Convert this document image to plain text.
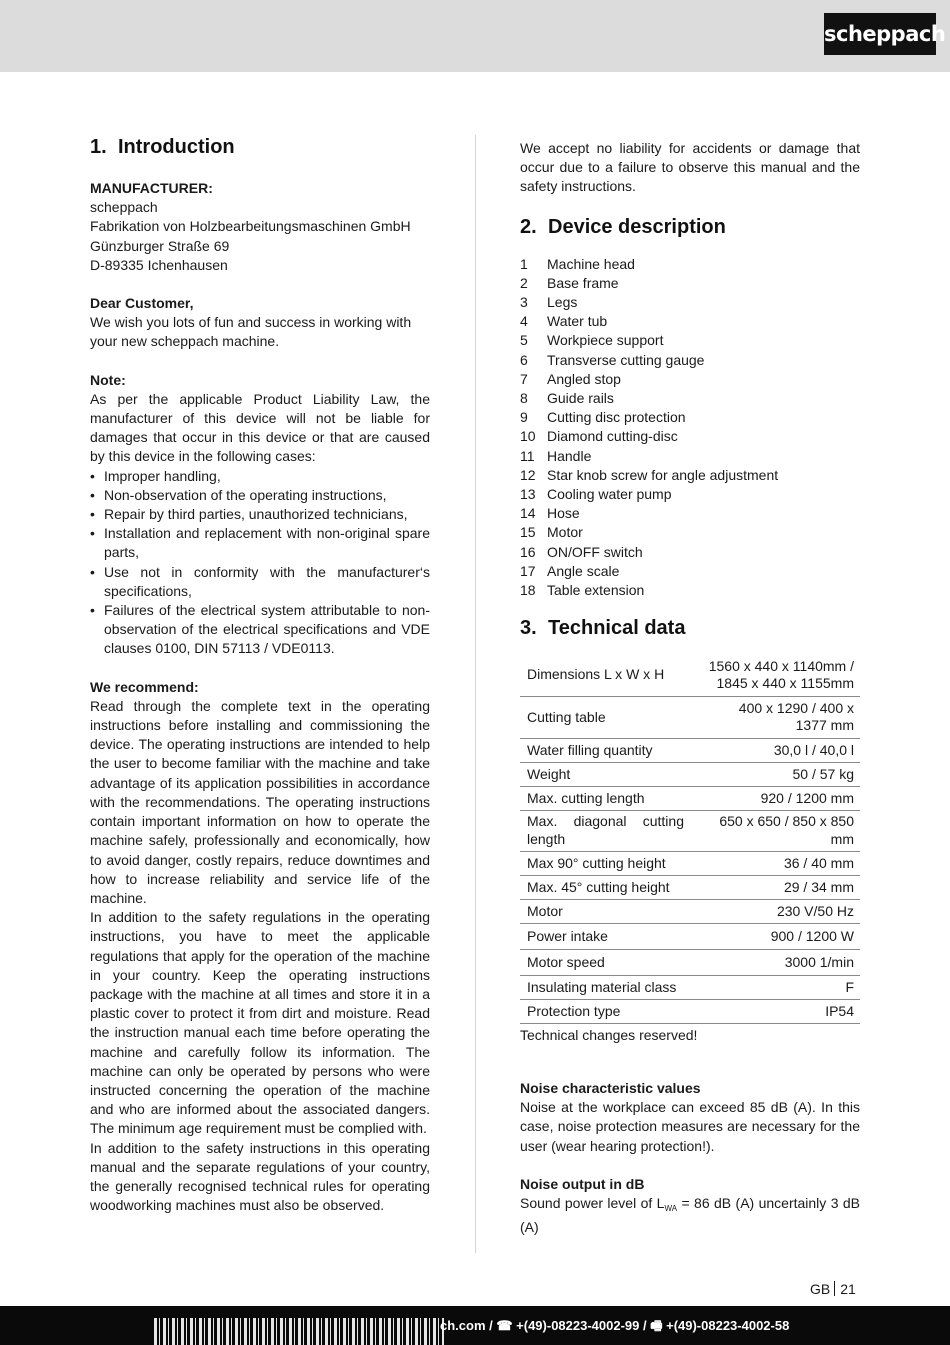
scheppach
1. Introduction
MANUFACTURER:
scheppach
Fabrikation von Holzbearbeitungsmaschinen GmbH
Günzburger Straße 69
D-89335 Ichenhausen
Dear Customer,
We wish you lots of fun and success in working with your new scheppach machine.
Note:
As per the applicable Product Liability Law, the manufacturer of this device will not be liable for damages that occur in this device or that are caused by this device in the following cases:
• Improper handling,
• Non-observation of the operating instructions,
• Repair by third parties, unauthorized technicians,
• Installation and replacement with non-original spare parts,
• Use not in conformity with the manufacturer‘s specifications,
• Failures of the electrical system attributable to non-observation of the electrical specifications and VDE clauses 0100, DIN 57113 / VDE0113.
We recommend:
Read through the complete text in the operating instructions before installing and commissioning the device. The operating instructions are intended to help the user to become familiar with the machine and take advantage of its application possibilities in accordance with the recommendations. The operating instructions contain important information on how to operate the machine safely, professionally and economically, how to avoid danger, costly repairs, reduce downtimes and how to increase reliability and service life of the machine.
In addition to the safety regulations in the operating instructions, you have to meet the applicable regulations that apply for the operation of the machine in your country. Keep the operating instructions package with the machine at all times and store it in a plastic cover to protect it from dirt and moisture. Read the instruction manual each time before operating the machine and carefully follow its information. The machine can only be operated by persons who were instructed concerning the operation of the machine and who are informed about the associated dangers. The minimum age requirement must be complied with.
In addition to the safety instructions in this operating manual and the separate regulations of your country, the generally recognised technical rules for operating woodworking machines must also be observed.
We accept no liability for accidents or damage that occur due to a failure to observe this manual and the safety instructions.
2. Device description
1	Machine head
2	Base frame
3	Legs
4	Water tub
5	Workpiece support
6	Transverse cutting gauge
7	Angled stop
8	Guide rails
9	Cutting disc protection
10 Diamond cutting-disc
11 Handle
12 Star knob screw for angle adjustment
13 Cooling water pump
14 Hose
15 Motor
16 ON/OFF switch
17 Angle scale
18 Table extension
3. Technical data
Dimensions L x W x H	1560 x 440 x 1140mm / 1845 x 440 x 1155mm
Cutting table	400 x 1290 / 400 x 1377 mm
Water filling quantity	30,0 l / 40,0 l
Weight	50 / 57 kg
Max. cutting length	920 / 1200 mm
Max. diagonal cutting length	650 x 650 / 850 x 850 mm
Max 90° cutting height	36 / 40 mm
Max. 45° cutting height	29 / 34 mm
Motor	230 V/50 Hz
Power intake	900 / 1200 W
Motor speed	3000 1/min
Insulating material class	F
Protection type	IP54
Technical changes reserved!
Noise characteristic values
Noise at the workplace can exceed 85 dB (A). In this case, noise protection measures are necessary for the user (wear hearing protection!).
Noise output in dB
Sound power level of $L_{WA} = 86$ dB (A) uncertainly 3 dB (A)
GB 21
ch.com / ☎ +(49)-08223-4002-99 / 🖷 +(49)-08223-4002-58
